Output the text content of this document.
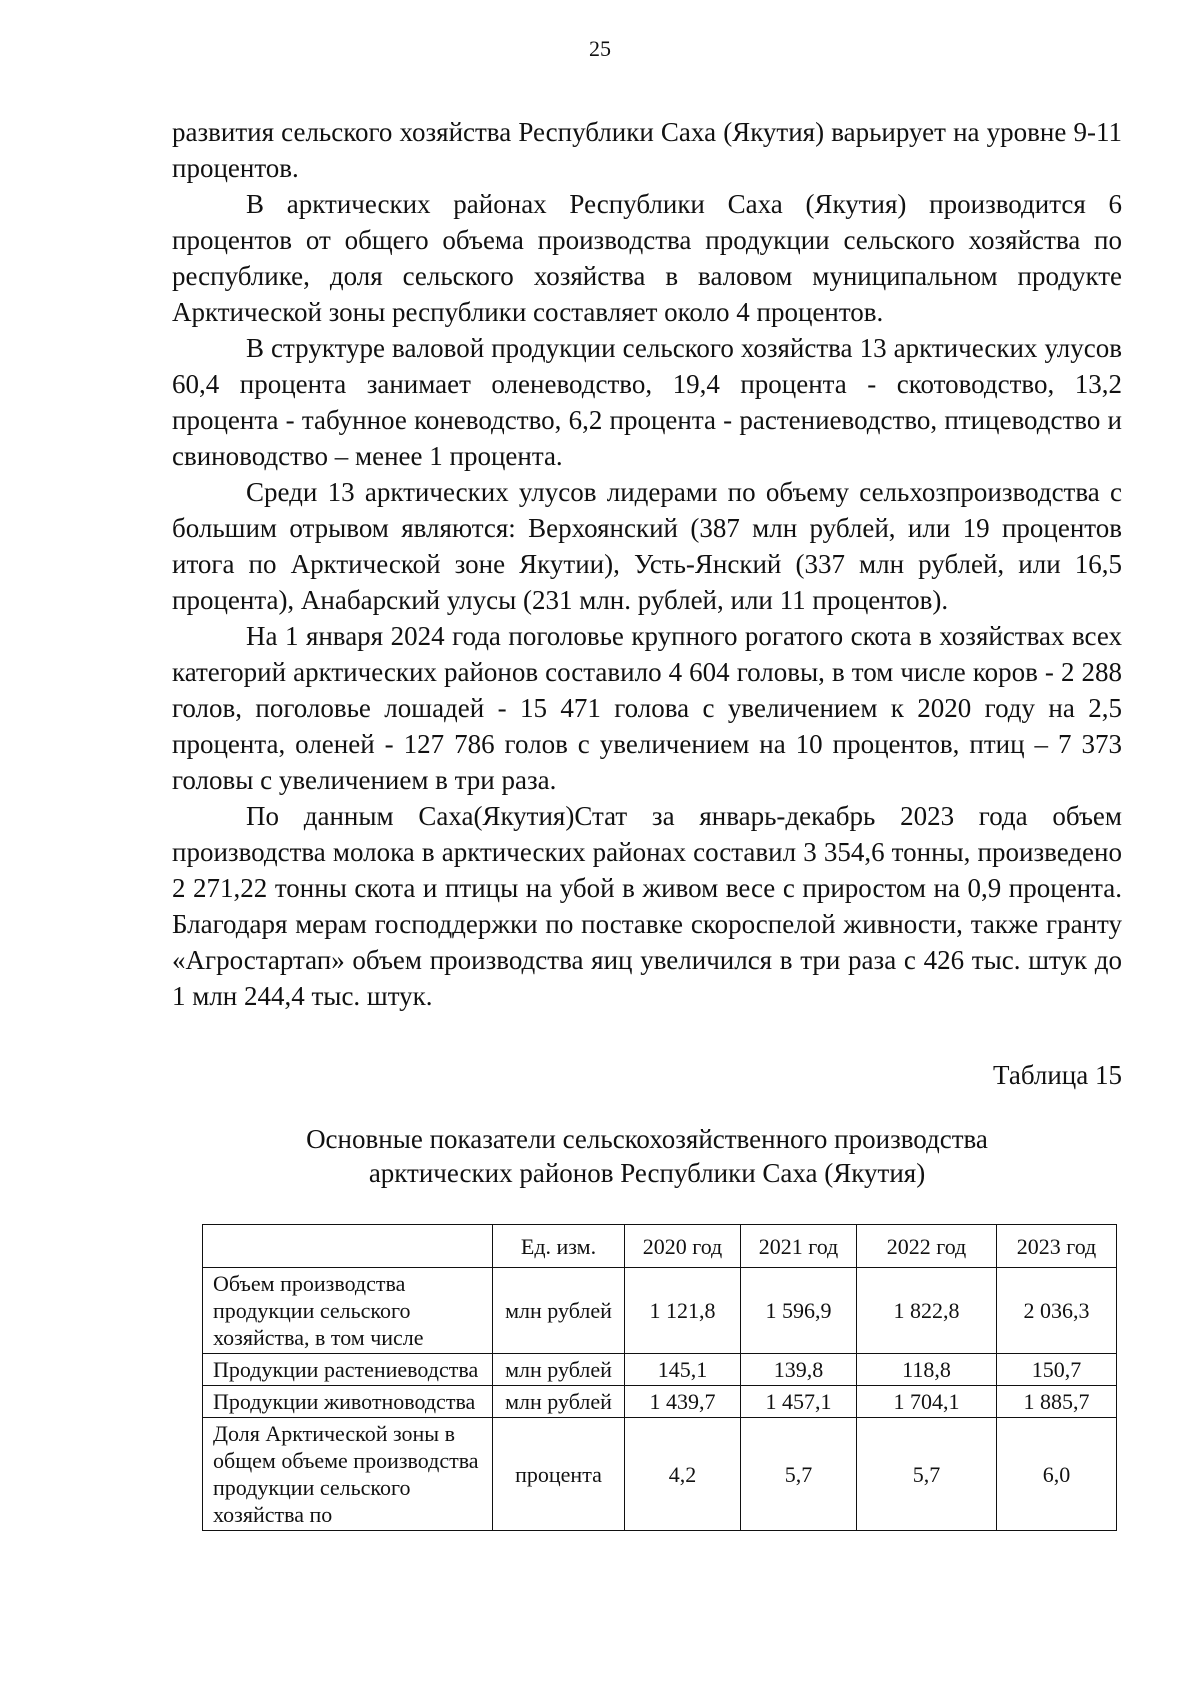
25

развития сельского хозяйства Республики Саха (Якутия) варьирует на уровне 9-11 процентов.

В арктических районах Республики Саха (Якутия) производится 6 процентов от общего объема производства продукции сельского хозяйства по республике, доля сельского хозяйства в валовом муниципальном продукте Арктической зоны республики составляет около 4 процентов.

В структуре валовой продукции сельского хозяйства 13 арктических улусов 60,4 процента занимает оленеводство, 19,4 процента - скотоводство, 13,2 процента - табунное коневодство, 6,2 процента - растениеводство, птицеводство и свиноводство – менее 1 процента.

Среди 13 арктических улусов лидерами по объему сельхозпроизводства с большим отрывом являются: Верхоянский (387 млн рублей, или 19 процентов итога по Арктической зоне Якутии), Усть-Янский (337 млн рублей, или 16,5 процента), Анабарский улусы (231 млн. рублей, или 11 процентов).

На 1 января 2024 года поголовье крупного рогатого скота в хозяйствах всех категорий арктических районов составило 4 604 головы, в том числе коров - 2 288 голов, поголовье лошадей - 15 471 голова с увеличением к 2020 году на 2,5 процента, оленей - 127 786 голов с увеличением на 10 процентов, птиц – 7 373 головы с увеличением в три раза.

По данным Саха(Якутия)Стат за январь-декабрь 2023 года объем производства молока в арктических районах составил 3 354,6 тонны, произведено 2 271,22 тонны скота и птицы на убой в живом весе с приростом на 0,9 процента. Благодаря мерам господдержки по поставке скороспелой живности, также гранту «Агростартап» объем производства яиц увеличился в три раза с 426 тыс. штук до 1 млн 244,4 тыс. штук.

Таблица 15
Основные показатели сельскохозяйственного производства
арктических районов Республики Саха (Якутия)
	Ед. изм.	2020 год	2021 год	2022 год	2023 год
Объем производства продукции сельского хозяйства, в том числе	млн рублей	1 121,8	1 596,9	1 822,8	2 036,3
Продукции растениеводства	млн рублей	145,1	139,8	118,8	150,7
Продукции животноводства	млн рублей	1 439,7	1 457,1	1 704,1	1 885,7
Доля Арктической зоны в общем объеме производства продукции сельского хозяйства по	процента	4,2	5,7	5,7	6,0
